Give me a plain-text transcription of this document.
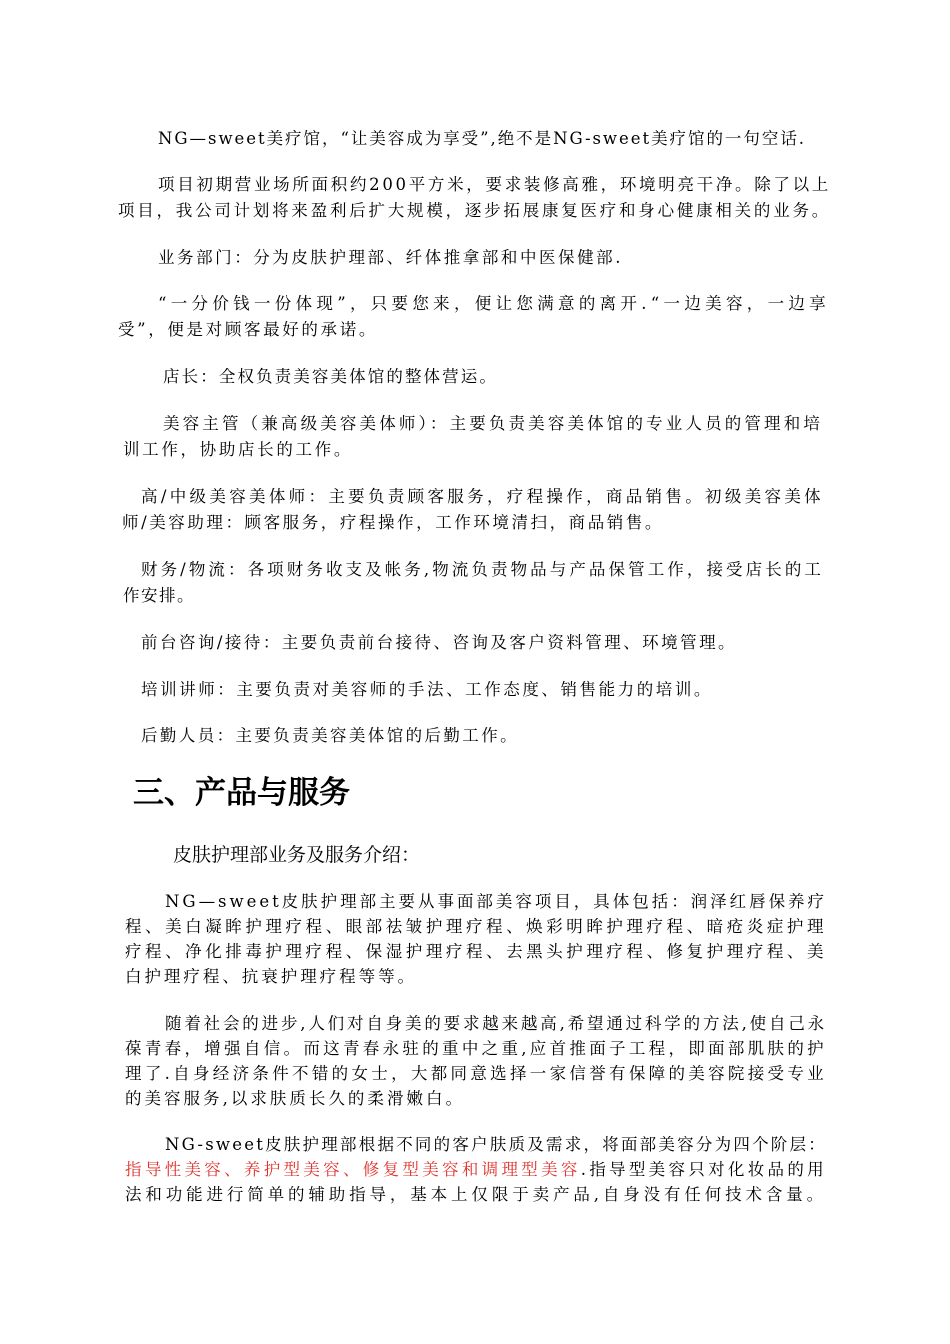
NG—sweet美疗馆，“让美容成为享受”,绝不是NG-sweet美疗馆的一句空话.
项目初期营业场所面积约200平方米，要求装修高雅，环境明亮干净。除了以上
项目，我公司计划将来盈利后扩大规模，逐步拓展康复医疗和身心健康相关的业务。
业务部门：分为皮肤护理部、纤体推拿部和中医保健部.
“一分价钱一份体现”，只要您来，便让您满意的离开.“一边美容，一边享
受”，便是对顾客最好的承诺。
店长：全权负责美容美体馆的整体营运。
美容主管（兼高级美容美体师）：主要负责美容美体馆的专业人员的管理和培
训工作，协助店长的工作。
高/中级美容美体师：主要负责顾客服务，疗程操作，商品销售。初级美容美体
师/美容助理：顾客服务，疗程操作，工作环境清扫，商品销售。
财务/物流：各项财务收支及帐务,物流负责物品与产品保管工作，接受店长的工
作安排。
前台咨询/接待：主要负责前台接待、咨询及客户资料管理、环境管理。
培训讲师：主要负责对美容师的手法、工作态度、销售能力的培训。
后勤人员：主要负责美容美体馆的后勤工作。
三、产品与服务
皮肤护理部业务及服务介绍：
NG—sweet皮肤护理部主要从事面部美容项目，具体包括：润泽红唇保养疗
程、美白凝眸护理疗程、眼部祛皱护理疗程、焕彩明眸护理疗程、暗疮炎症护理
疗程、净化排毒护理疗程、保湿护理疗程、去黑头护理疗程、修复护理疗程、美
白护理疗程、抗衰护理疗程等等。
随着社会的进步,人们对自身美的要求越来越高,希望通过科学的方法,使自己永
葆青春，增强自信。而这青春永驻的重中之重,应首推面子工程，即面部肌肤的护
理了.自身经济条件不错的女士，大都同意选择一家信誉有保障的美容院接受专业
的美容服务,以求肤质长久的柔滑嫩白。
NG-sweet皮肤护理部根据不同的客户肤质及需求，将面部美容分为四个阶层：
指导性美容、养护型美容、修复型美容和调理型美容.指导型美容只对化妆品的用
法和功能进行简单的辅助指导，基本上仅限于卖产品,自身没有任何技术含量。
